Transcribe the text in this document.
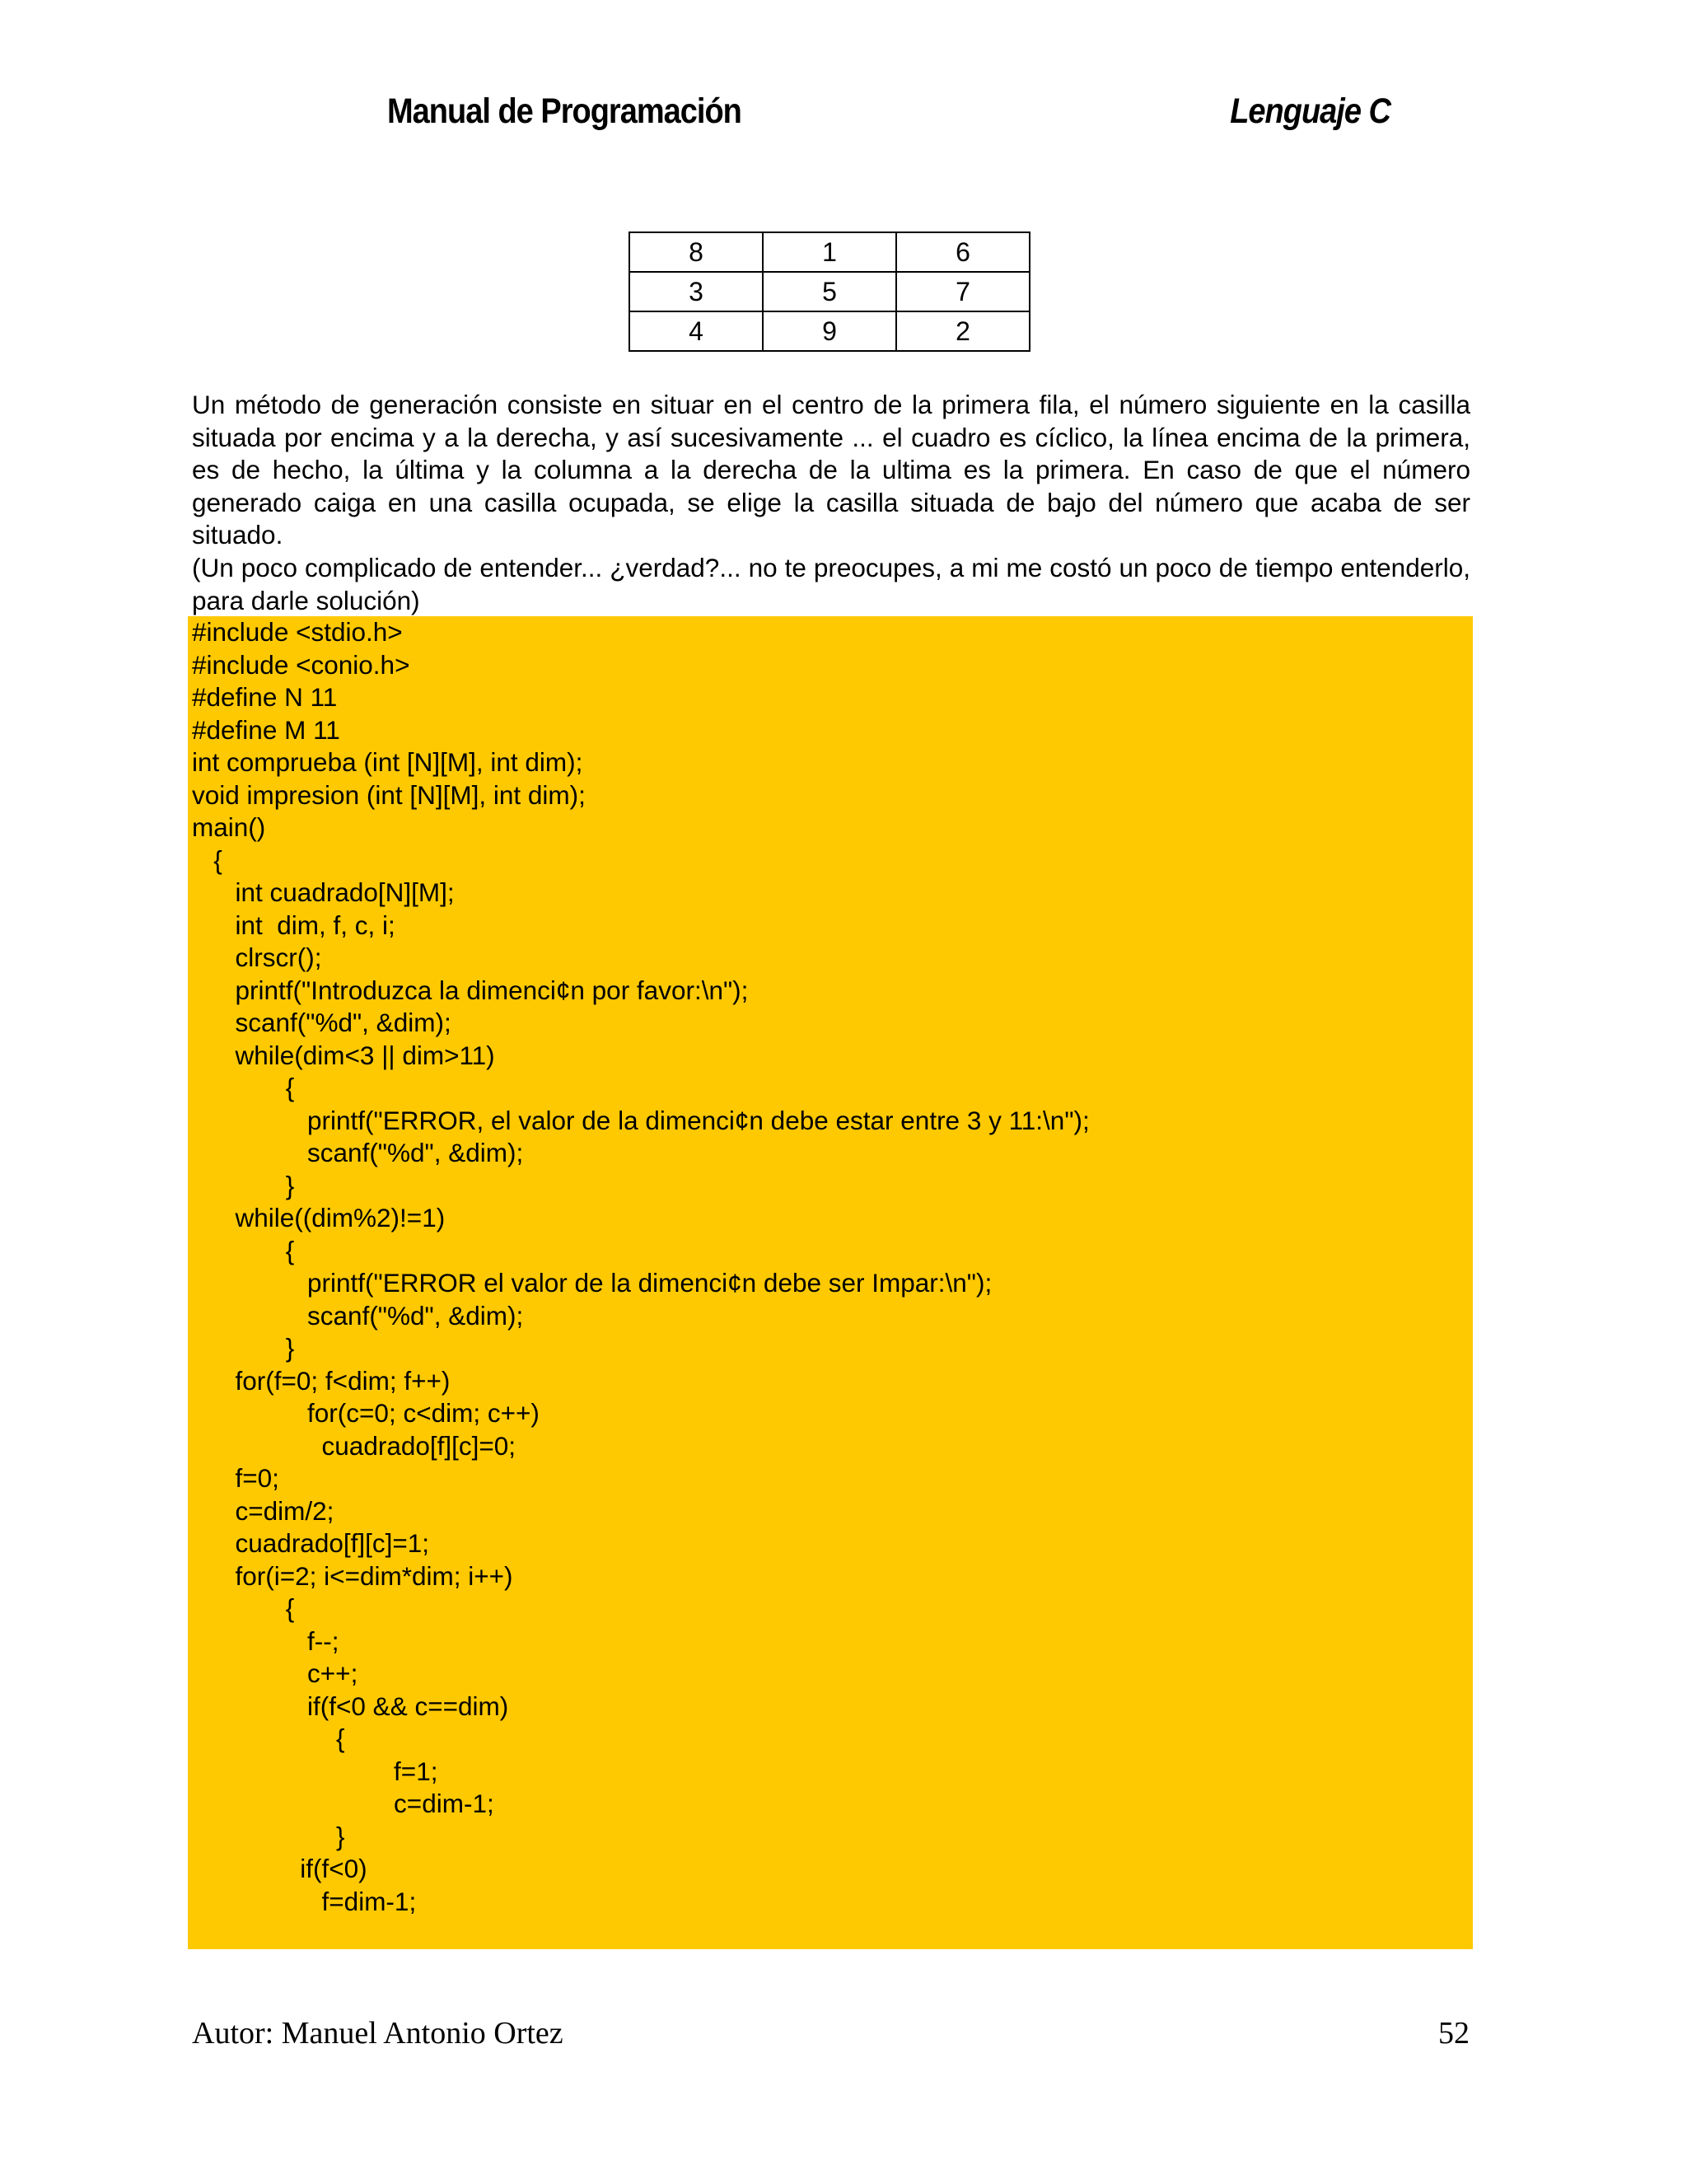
Manual de Programación	Lenguaje C
8	1	6
3	5	7
4	9	2

Un método de generación consiste en situar en el centro de la primera fila, el número siguiente en la casilla situada por encima y a la derecha, y así sucesivamente ... el cuadro es cíclico, la línea encima de la primera, es de hecho, la última y la columna a la derecha de la ultima es la primera. En caso de que el número generado caiga en una casilla ocupada, se elige la casilla situada de bajo del número que acaba de ser situado.

(Un poco complicado de entender... ¿verdad?... no te preocupes, a mi me costó un poco de tiempo entenderlo, para darle solución)

#include <stdio.h>
#include <conio.h>
#define N 11
#define M 11
int comprueba (int [N][M], int dim);
void impresion (int [N][M], int dim);
main()
{
int cuadrado[N][M];
int  dim, f, c, i;
clrscr();
printf("Introduzca la dimenci¢n por favor:\n");
scanf("%d", &dim);
while(dim<3 || dim>11)
{
printf("ERROR, el valor de la dimenci¢n debe estar entre 3 y 11:\n");
scanf("%d", &dim);
}
while((dim%2)!=1)
{
printf("ERROR el valor de la dimenci¢n debe ser Impar:\n");
scanf("%d", &dim);
}
for(f=0; f<dim; f++)
for(c=0; c<dim; c++)
cuadrado[f][c]=0;
f=0;
c=dim/2;
cuadrado[f][c]=1;
for(i=2; i<=dim*dim; i++)
{
f--;
c++;
if(f<0 && c==dim)
{
f=1;
c=dim-1;
}
if(f<0)
f=dim-1;
Autor: Manuel Antonio Ortez	52
